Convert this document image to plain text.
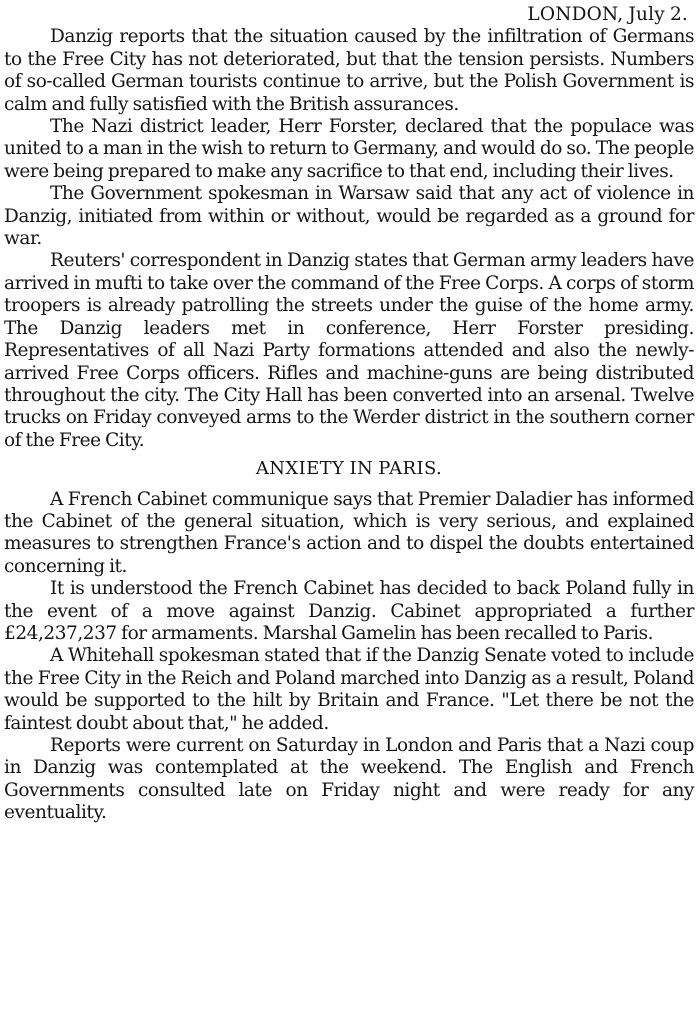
LONDON, July 2.

Danzig reports that the situation caused by the infiltration of Germans to the Free City has not deteriorated, but that the tension persists. Numbers of so-called German tourists continue to arrive, but the Polish Government is calm and fully satisfied with the British assurances.

The Nazi district leader, Herr Forster, declared that the populace was united to a man in the wish to return to Germany, and would do so. The people were being prepared to make any sacrifice to that end, including their lives.

The Government spokesman in Warsaw said that any act of violence in Danzig, initiated from within or without, would be regarded as a ground for war.

Reuters' correspondent in Danzig states that German army leaders have arrived in mufti to take over the command of the Free Corps. A corps of storm troopers is already patrolling the streets under the guise of the home army. The Danzig leaders met in conference, Herr Forster presiding. Representatives of all Nazi Party formations attended and also the newly-arrived Free Corps officers. Rifles and machine-guns are being distributed throughout the city. The City Hall has been converted into an arsenal. Twelve trucks on Friday conveyed arms to the Werder district in the southern corner of the Free City.

ANXIETY IN PARIS.

A French Cabinet communique says that Premier Daladier has informed the Cabinet of the general situation, which is very serious, and explained measures to strengthen France's action and to dispel the doubts entertained concerning it.

It is understood the French Cabinet has decided to back Poland fully in the event of a move against Danzig. Cabinet appropriated a further £24,237,237 for armaments. Marshal Gamelin has been recalled to Paris.

A Whitehall spokesman stated that if the Danzig Senate voted to include the Free City in the Reich and Poland marched into Danzig as a result, Poland would be supported to the hilt by Britain and France. "Let there be not the faintest doubt about that," he added.

Reports were current on Saturday in London and Paris that a Nazi coup in Danzig was contemplated at the weekend. The English and French Governments consulted late on Friday night and were ready for any eventuality.
